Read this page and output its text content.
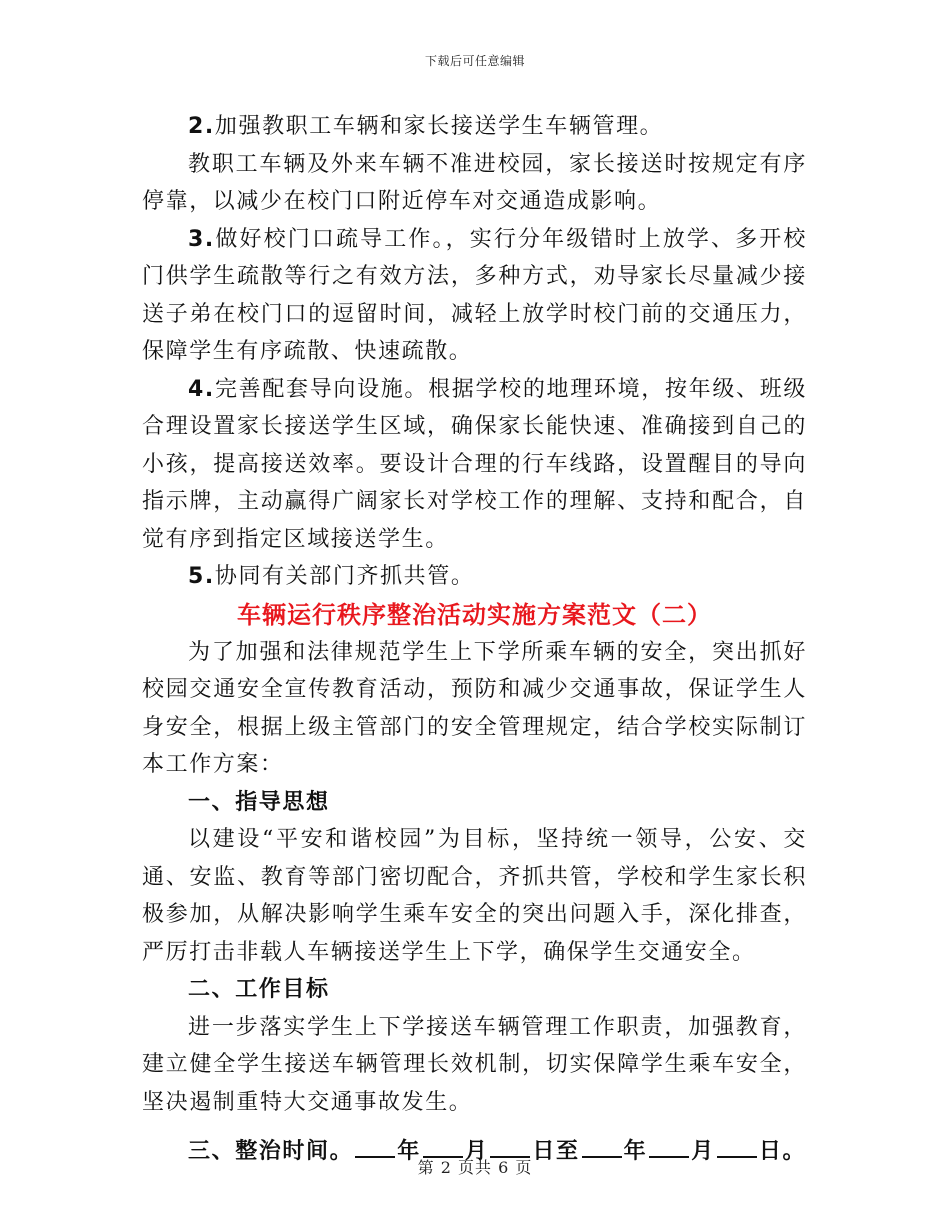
下载后可任意编辑

2.加强教职工车辆和家长接送学生车辆管理。

教职工车辆及外来车辆不准进校园，家长接送时按规定有序停靠，以减少在校门口附近停车对交通造成影响。

3.做好校门口疏导工作。，实行分年级错时上放学、多开校门供学生疏散等行之有效方法，多种方式，劝导家长尽量减少接送子弟在校门口的逗留时间，减轻上放学时校门前的交通压力，保障学生有序疏散、快速疏散。

4.完善配套导向设施。根据学校的地理环境，按年级、班级合理设置家长接送学生区域，确保家长能快速、准确接到自己的小孩，提高接送效率。要设计合理的行车线路，设置醒目的导向指示牌，主动赢得广阔家长对学校工作的理解、支持和配合，自觉有序到指定区域接送学生。

5.协同有关部门齐抓共管。

车辆运行秩序整治活动实施方案范文（二）

为了加强和法律规范学生上下学所乘车辆的安全，突出抓好校园交通安全宣传教育活动，预防和减少交通事故，保证学生人身安全，根据上级主管部门的安全管理规定，结合学校实际制订本工作方案：

一、指导思想

以建设“平安和谐校园”为目标，坚持统一领导，公安、交通、安监、教育等部门密切配合，齐抓共管，学校和学生家长积极参加，从解决影响学生乘车安全的突出问题入手，深化排查，严厉打击非载人车辆接送学生上下学，确保学生交通安全。

二、工作目标

进一步落实学生上下学接送车辆管理工作职责，加强教育，建立健全学生接送车辆管理长效机制，切实保障学生乘车安全，坚决遏制重特大交通事故发生。

三、整治时间。 年 月 日至 年 月 日。

第 2 页共 6 页
